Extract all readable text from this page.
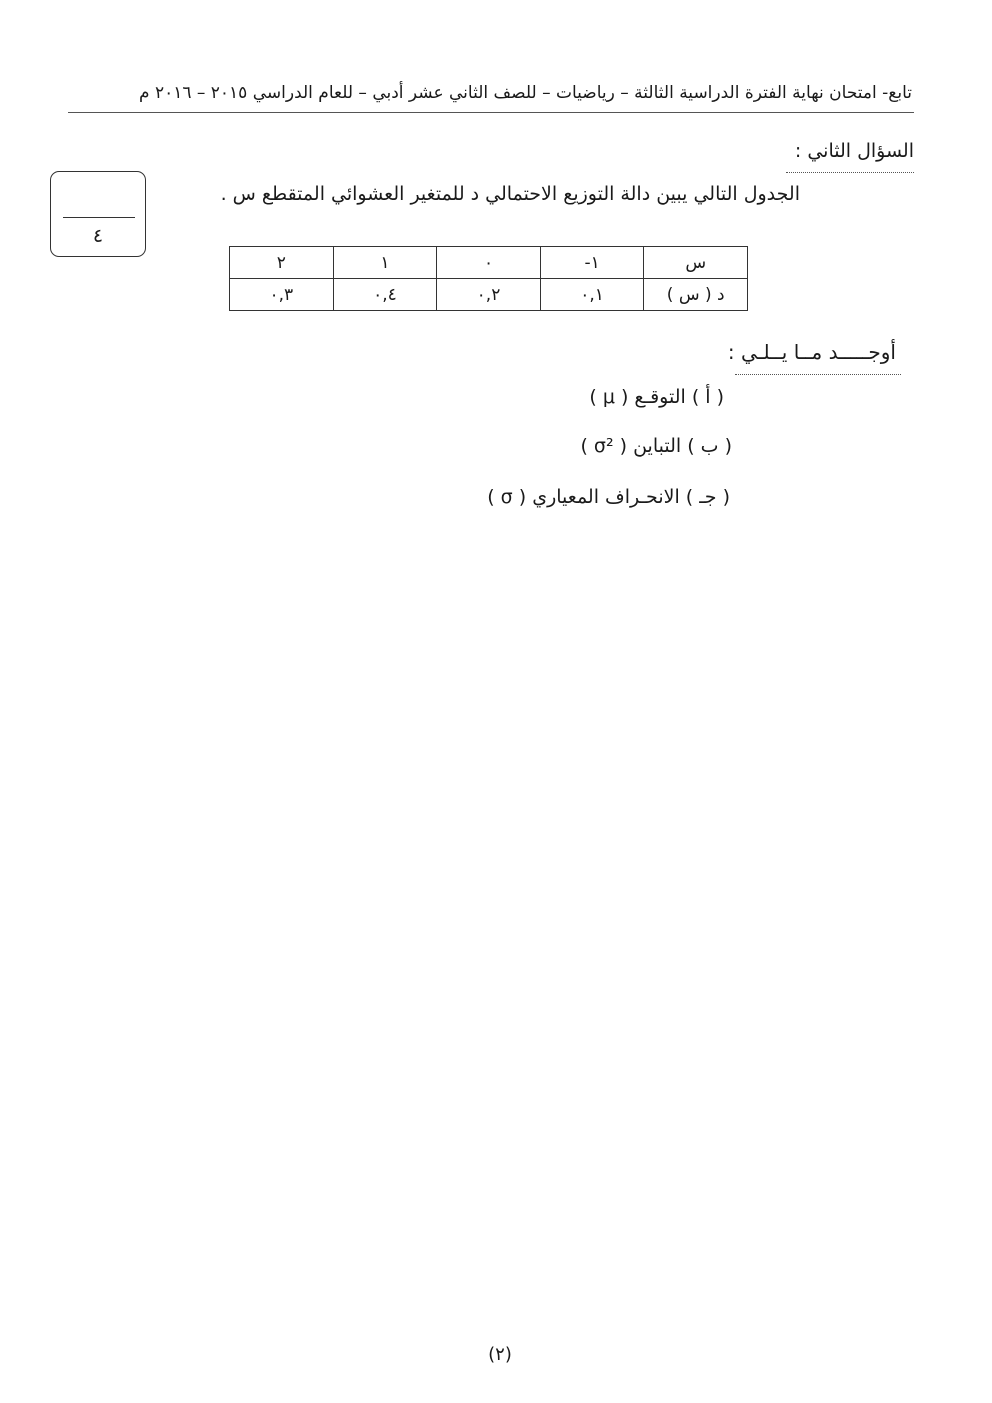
تابع- امتحان نهاية الفترة الدراسية الثالثة – رياضيات – للصف الثاني عشر أدبي – للعام الدراسي ٢٠١٥ – ٢٠١٦ م
السؤال الثاني :
الجدول التالي يبين دالة التوزيع الاحتمالي د للمتغير العشوائي المتقطع س .
٤
س	١-	٠	١	٢
د ( س )	٠,١	٠,٢	٠,٤	٠,٣
أوجـــــد مــا يــلـي :
( أ ) التوقـع ( μ )
( ب ) التباين ( σ² )
( جـ ) الانحـراف المعياري ( σ )
(٢)
